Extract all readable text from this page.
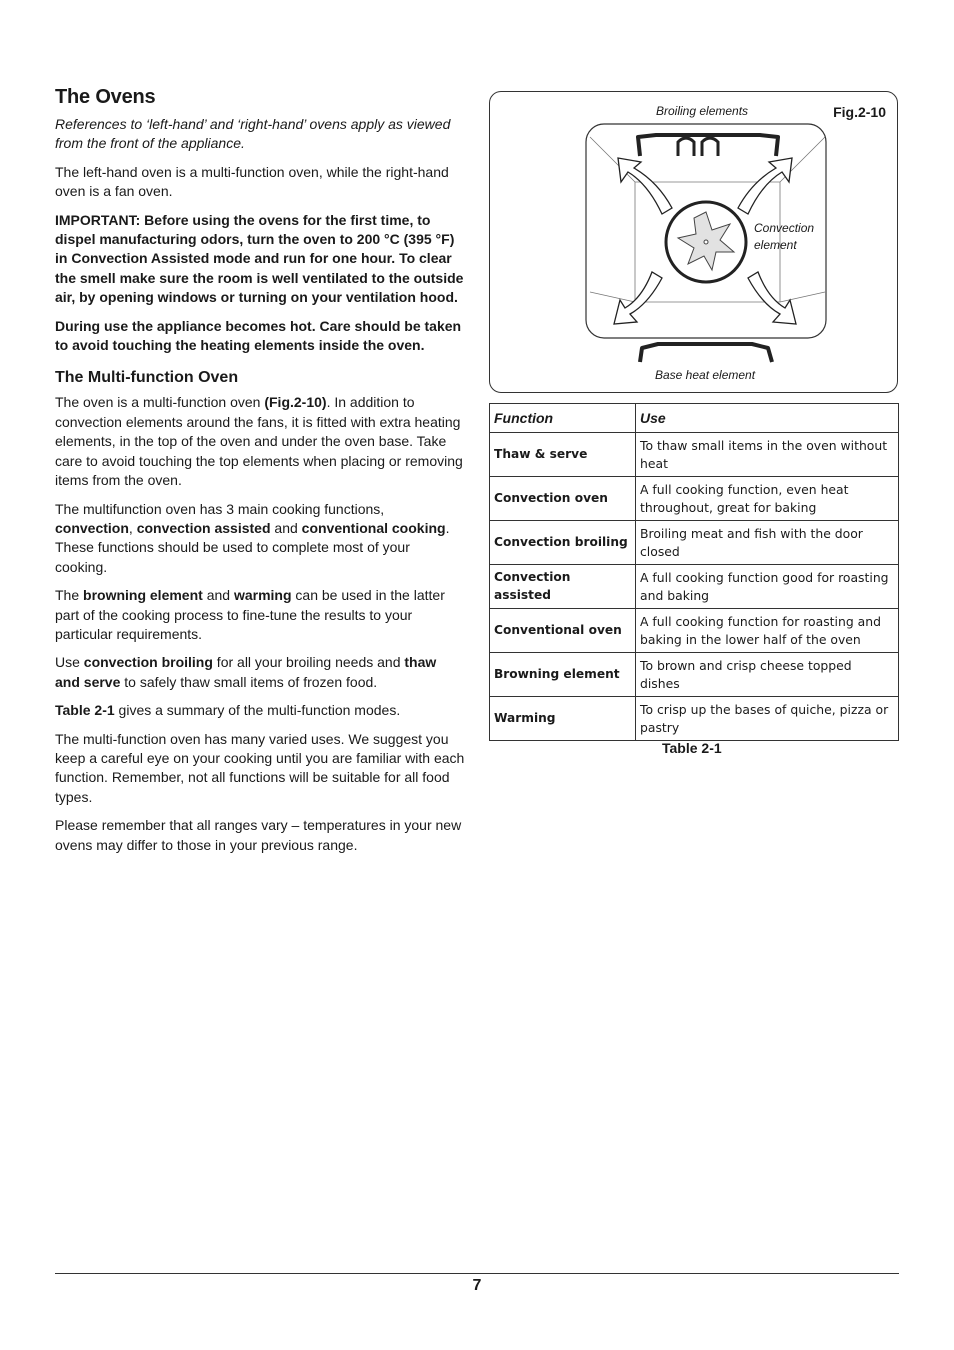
The Ovens

References to ‘left-hand’ and ‘right-hand’ ovens apply as viewed from the front of the appliance.

The left-hand oven is a multi-function oven, while the right-hand oven is a fan oven.

IMPORTANT: Before using the ovens for the first time, to dispel manufacturing odors, turn the oven to 200 °C (395 °F) in Convection Assisted mode and run for one hour. To clear the smell make sure the room is well ventilated to the outside air, by opening windows or turning on your ventilation hood.

During use the appliance becomes hot. Care should be taken to avoid touching the heating elements inside the oven.

The Multi-function Oven

The oven is a multi-function oven (Fig.2-10). In addition to convection elements around the fans, it is fitted with extra heating elements, in the top of the oven and under the oven base. Take care to avoid touching the top elements when placing or removing items from the oven.

The multifunction oven has 3 main cooking functions, convection, convection assisted and conventional cooking. These functions should be used to complete most of your cooking.

The browning element and warming can be used in the latter part of the cooking process to fine-tune the results to your particular requirements.

Use convection broiling for all your broiling needs and thaw and serve to safely thaw small items of frozen food.

Table 2-1 gives a summary of the multi-function modes.

The multi-function oven has many varied uses. We suggest you keep a careful eye on your cooking until you are familiar with each function. Remember, not all functions will be suitable for all food types.

Please remember that all ranges vary – temperatures in your new ovens may differ to those in your previous range.

Fig.2-10
Broiling elements
Convection element
Base heat element
Function	Use
Thaw & serve	To thaw small items in the oven without heat
Convection oven	A full cooking function, even heat throughout, great for baking
Convection broiling	Broiling meat and fish with the door closed
Convection assisted	A full cooking function good for roasting and baking
Conventional oven	A full cooking function for roasting and baking in the lower half of the oven
Browning element	To brown and crisp cheese topped dishes
Warming	To crisp up the bases of quiche, pizza or pastry
Table 2-1
7
